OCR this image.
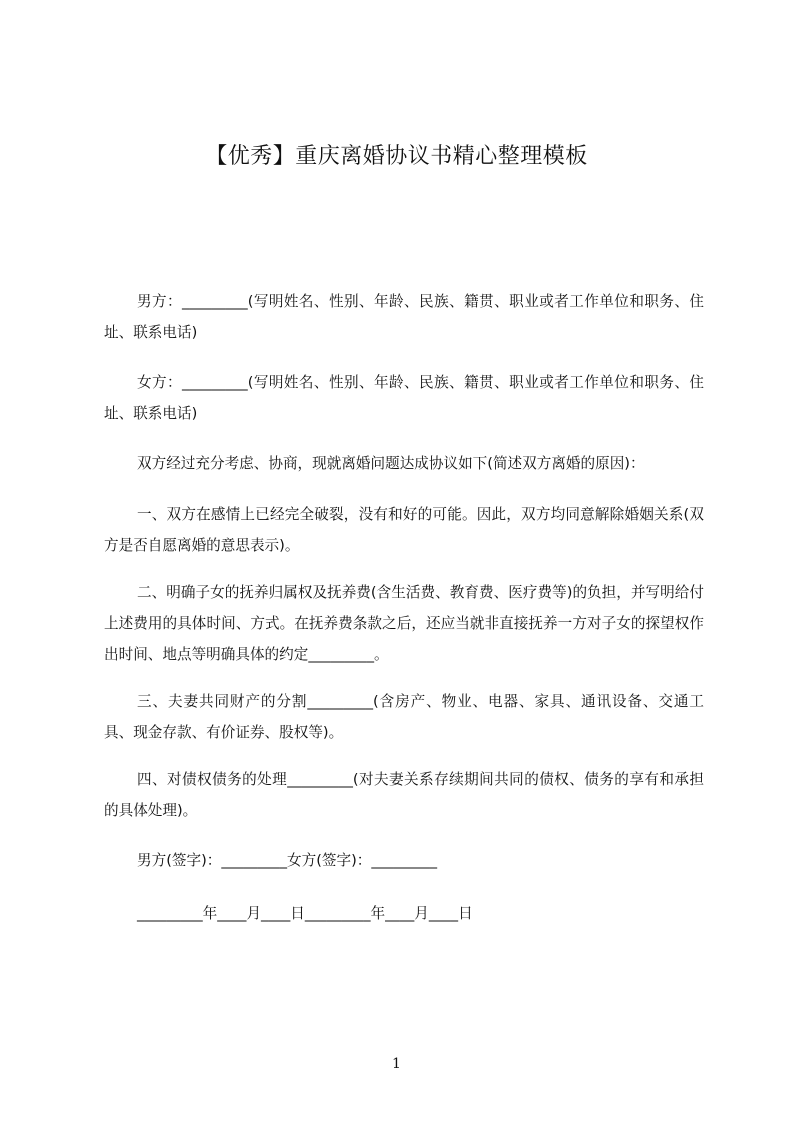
【优秀】重庆离婚协议书精心整理模板

男方：_________(写明姓名、性别、年龄、民族、籍贯、职业或者工作单位和职务、住址、联系电话)

女方：_________(写明姓名、性别、年龄、民族、籍贯、职业或者工作单位和职务、住址、联系电话)

双方经过充分考虑、协商，现就离婚问题达成协议如下(简述双方离婚的原因)：

一、双方在感情上已经完全破裂，没有和好的可能。因此，双方均同意解除婚姻关系(双方是否自愿离婚的意思表示)。

二、明确子女的抚养归属权及抚养费(含生活费、教育费、医疗费等)的负担，并写明给付上述费用的具体时间、方式。在抚养费条款之后，还应当就非直接抚养一方对子女的探望权作出时间、地点等明确具体的约定_________。

三、夫妻共同财产的分割_________(含房产、物业、电器、家具、通讯设备、交通工具、现金存款、有价证券、股权等)。

四、对债权债务的处理_________(对夫妻关系存续期间共同的债权、债务的享有和承担的具体处理)。

男方(签字)：_________女方(签字)：_________

_________年____月____日_________年____月____日

1
